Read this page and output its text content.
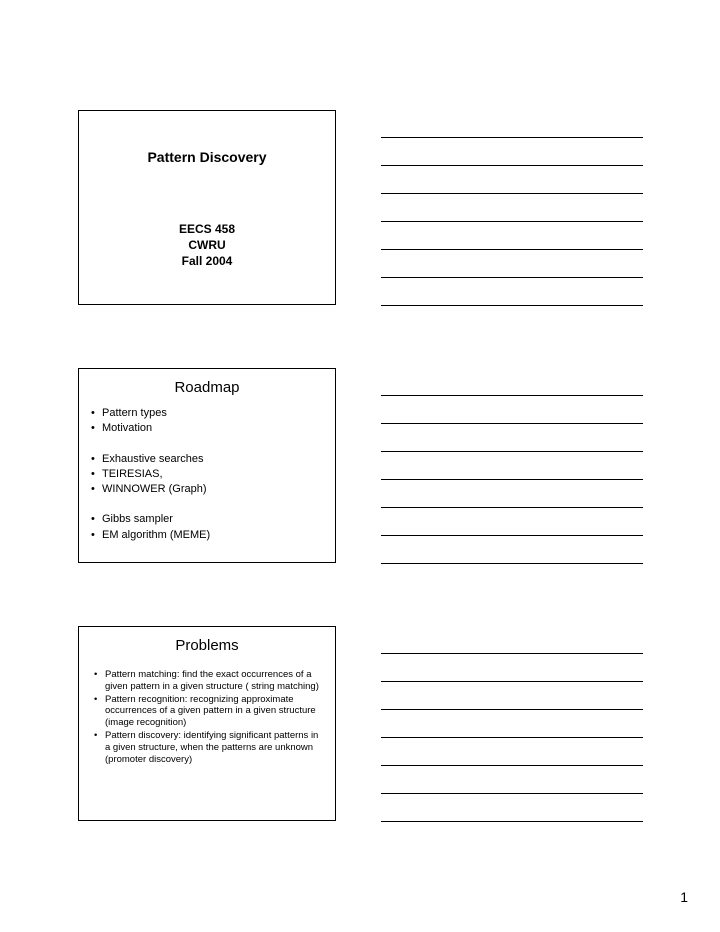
Pattern Discovery
EECS 458
CWRU
Fall 2004
Roadmap
• Pattern types
• Motivation
• Exhaustive searches
• TEIRESIAS,
• WINNOWER (Graph)
• Gibbs sampler
• EM algorithm (MEME)
Problems
• Pattern matching: find the exact occurrences of a given pattern in a given structure ( string matching)
• Pattern recognition: recognizing approximate occurrences of a given pattern in a given structure (image recognition)
• Pattern discovery: identifying significant patterns in a given structure, when the patterns are unknown (promoter discovery)
1
